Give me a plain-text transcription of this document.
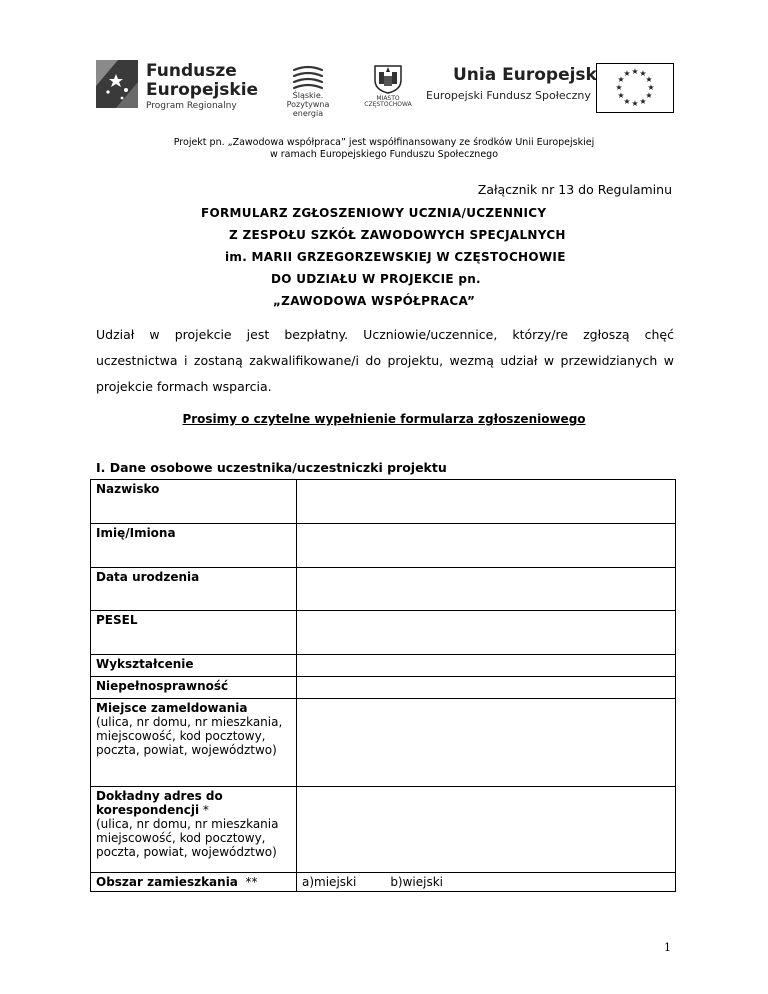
Fundusze
Europejskie
Program Regionalny
Śląskie.
Pozytywna energia
MIASTO
CZĘSTOCHOWA
Unia Europejska
Europejski Fundusz Społeczny
★ ★
★
★
★
★
★
★
★
★
★
★
Projekt pn. „Zawodowa współpraca” jest współfinansowany ze środków Unii Europejskiej
w ramach Europejskiego Funduszu Społecznego
Załącznik nr 13 do Regulaminu
FORMULARZ ZGŁOSZENIOWY UCZNIA/UCZENNICY
Z ZESPOŁU SZKÓŁ ZAWODOWYCH SPECJALNYCH
im. MARII GRZEGORZEWSKIEJ W CZĘSTOCHOWIE
DO UDZIAŁU W PROJEKCIE pn.
„ZAWODOWA WSPÓŁPRACA”

Udział w projekcie jest bezpłatny. Uczniowie/uczennice, którzy/re zgłoszą chęć

uczestnictwa i zostaną zakwalifikowane/i do projektu, wezmą udział w przewidzianych w projekcie formach wsparcia.

Prosimy o czytelne wypełnienie formularza zgłoszeniowego
I. Dane osobowe uczestnika/uczestniczki projektu
Nazwisko	
Imię/Imiona	
Data urodzenia	
PESEL	
Wykształcenie	
Niepełnosprawność	

Miejsce zameldowania
(ulica, nr domu, nr mieszkania, miejscowość, kod pocztowy, poczta, powiat, województwo)	

Dokładny adres do korespondencji *
(ulica, nr domu, nr mieszkania miejscowość, kod pocztowy, poczta, powiat, województwo)	

Obszar zamieszkania  **	a)miejski b)wiejski
1
